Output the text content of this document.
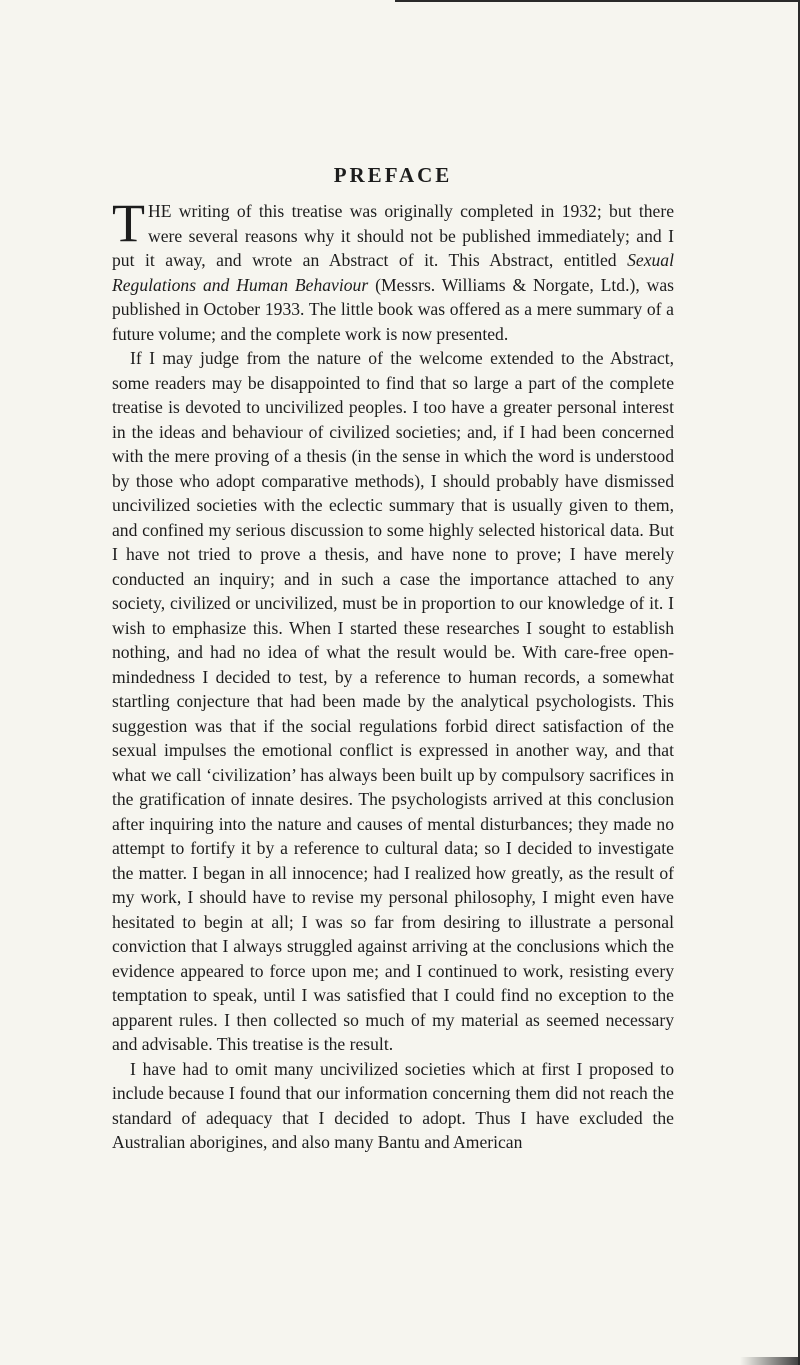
PREFACE

THE writing of this treatise was originally completed in 1932; but there were several reasons why it should not be published immediately; and I put it away, and wrote an Abstract of it. This Abstract, entitled Sexual Regulations and Human Behaviour (Messrs. Williams & Norgate, Ltd.), was published in October 1933. The little book was offered as a mere summary of a future volume; and the complete work is now presented.

If I may judge from the nature of the welcome extended to the Abstract, some readers may be disappointed to find that so large a part of the complete treatise is devoted to uncivilized peoples. I too have a greater personal interest in the ideas and behaviour of civilized societies; and, if I had been concerned with the mere proving of a thesis (in the sense in which the word is understood by those who adopt comparative methods), I should probably have dismissed uncivilized societies with the eclectic summary that is usually given to them, and confined my serious discussion to some highly selected historical data. But I have not tried to prove a thesis, and have none to prove; I have merely conducted an inquiry; and in such a case the importance attached to any society, civilized or uncivilized, must be in proportion to our knowledge of it. I wish to emphasize this. When I started these researches I sought to establish nothing, and had no idea of what the result would be. With care-free open-mindedness I decided to test, by a reference to human records, a somewhat startling conjecture that had been made by the analytical psychologists. This suggestion was that if the social regulations forbid direct satisfaction of the sexual impulses the emotional conflict is expressed in another way, and that what we call ‘civilization’ has always been built up by compulsory sacrifices in the gratification of innate desires. The psychologists arrived at this conclusion after inquiring into the nature and causes of mental disturbances; they made no attempt to fortify it by a reference to cultural data; so I decided to investigate the matter. I began in all innocence; had I realized how greatly, as the result of my work, I should have to revise my personal philosophy, I might even have hesitated to begin at all; I was so far from desiring to illustrate a personal conviction that I always struggled against arriving at the conclusions which the evidence appeared to force upon me; and I continued to work, resisting every temptation to speak, until I was satisfied that I could find no exception to the apparent rules. I then collected so much of my material as seemed necessary and advisable. This treatise is the result.

I have had to omit many uncivilized societies which at first I proposed to include because I found that our information concerning them did not reach the standard of adequacy that I decided to adopt. Thus I have excluded the Australian aborigines, and also many Bantu and American
